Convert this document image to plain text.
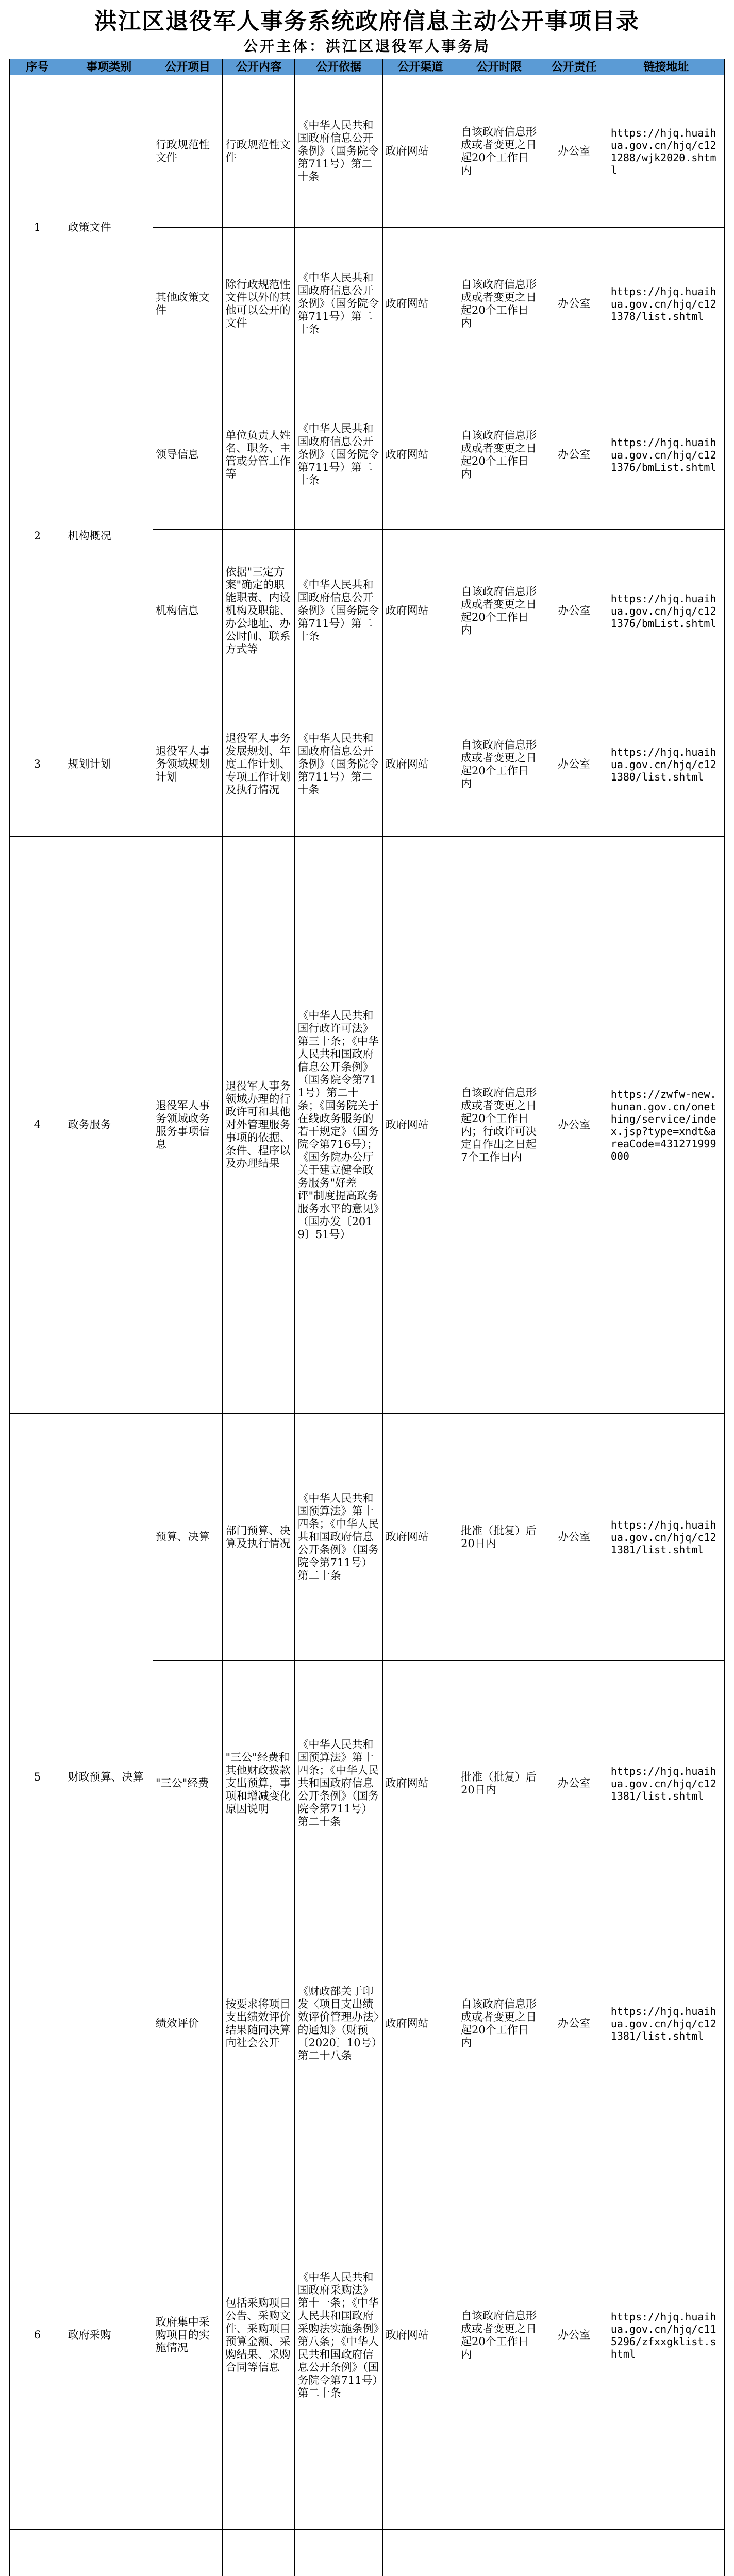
洪江区退役军人事务系统政府信息主动公开事项目录
公开主体：洪江区退役军人事务局
序号	事项类别	公开项目	公开内容	公开依据	公开渠道	公开时限	公开责任	链接地址
1	政策文件	行政规范性文件	行政规范性文件	《中华人民共和国政府信息公开条例》（国务院令第711号）第二十条	政府网站	自该政府信息形成或者变更之日起20个工作日内	办公室	https://hjq.huaihua.gov.cn/hjq/c121288/wjk2020.shtml
		其他政策文件	除行政规范性文件以外的其他可以公开的文件	《中华人民共和国政府信息公开条例》（国务院令第711号）第二十条	政府网站	自该政府信息形成或者变更之日起20个工作日内	办公室	https://hjq.huaihua.gov.cn/hjq/c121378/list.shtml
2	机构概况	领导信息	单位负责人姓名、职务、主管或分管工作等	《中华人民共和国政府信息公开条例》（国务院令第711号）第二十条	政府网站	自该政府信息形成或者变更之日起20个工作日内	办公室	https://hjq.huaihua.gov.cn/hjq/c121376/bmList.shtml
		机构信息	依据"三定方案"确定的职能职责、内设机构及职能、办公地址、办公时间、联系方式等	《中华人民共和国政府信息公开条例》（国务院令第711号）第二十条	政府网站	自该政府信息形成或者变更之日起20个工作日内	办公室	https://hjq.huaihua.gov.cn/hjq/c121376/bmList.shtml
3	规划计划	退役军人事务领域规划计划	退役军人事务发展规划、年度工作计划、专项工作计划及执行情况	《中华人民共和国政府信息公开条例》（国务院令第711号）第二十条	政府网站	自该政府信息形成或者变更之日起20个工作日内	办公室	https://hjq.huaihua.gov.cn/hjq/c121380/list.shtml
4	政务服务	退役军人事务领域政务服务事项信息	退役军人事务领域办理的行政许可和其他对外管理服务事项的依据、条件、程序以及办理结果	《中华人民共和国行政许可法》第三十条；《中华人民共和国政府信息公开条例》（国务院令第711号）第二十条；《国务院关于在线政务服务的若干规定》（国务院令第716号）；《国务院办公厅关于建立健全政务服务"好差评"制度提高政务服务水平的意见》（国办发〔2019〕51号）	政府网站	自该政府信息形成或者变更之日起20个工作日内；行政许可决定自作出之日起7个工作日内	办公室	https://zwfw-new.hunan.gov.cn/onething/service/index.jsp?type=xndt&areaCode=431271999000
5	财政预算、决算	预算、决算	部门预算、决算及执行情况	《中华人民共和国预算法》第十四条；《中华人民共和国政府信息公开条例》（国务院令第711号）第二十条	政府网站	批准（批复）后20日内	办公室	https://hjq.huaihua.gov.cn/hjq/c121381/list.shtml
		"三公"经费	"三公"经费和其他财政拨款支出预算，事项和增减变化原因说明	《中华人民共和国预算法》第十四条；《中华人民共和国政府信息公开条例》（国务院令第711号）第二十条	政府网站	批准（批复）后20日内	办公室	https://hjq.huaihua.gov.cn/hjq/c121381/list.shtml
		绩效评价	按要求将项目支出绩效评价结果随同决算向社会公开	《财政部关于印发〈项目支出绩效评价管理办法〉的通知》（财预〔2020〕10号）第二十八条	政府网站	自该政府信息形成或者变更之日起20个工作日内	办公室	https://hjq.huaihua.gov.cn/hjq/c121381/list.shtml
6	政府采购	政府集中采购项目的实施情况	包括采购项目公告、采购文件、采购项目预算金额、采购结果、采购合同等信息	《中华人民共和国政府采购法》第十一条；《中华人民共和国政府采购法实施条例》第八条；《中华人民共和国政府信息公开条例》（国务院令第711号）第二十条	政府网站	自该政府信息形成或者变更之日起20个工作日内	办公室	https://hjq.huaihua.gov.cn/hjq/c115296/zfxxgklist.shtml
